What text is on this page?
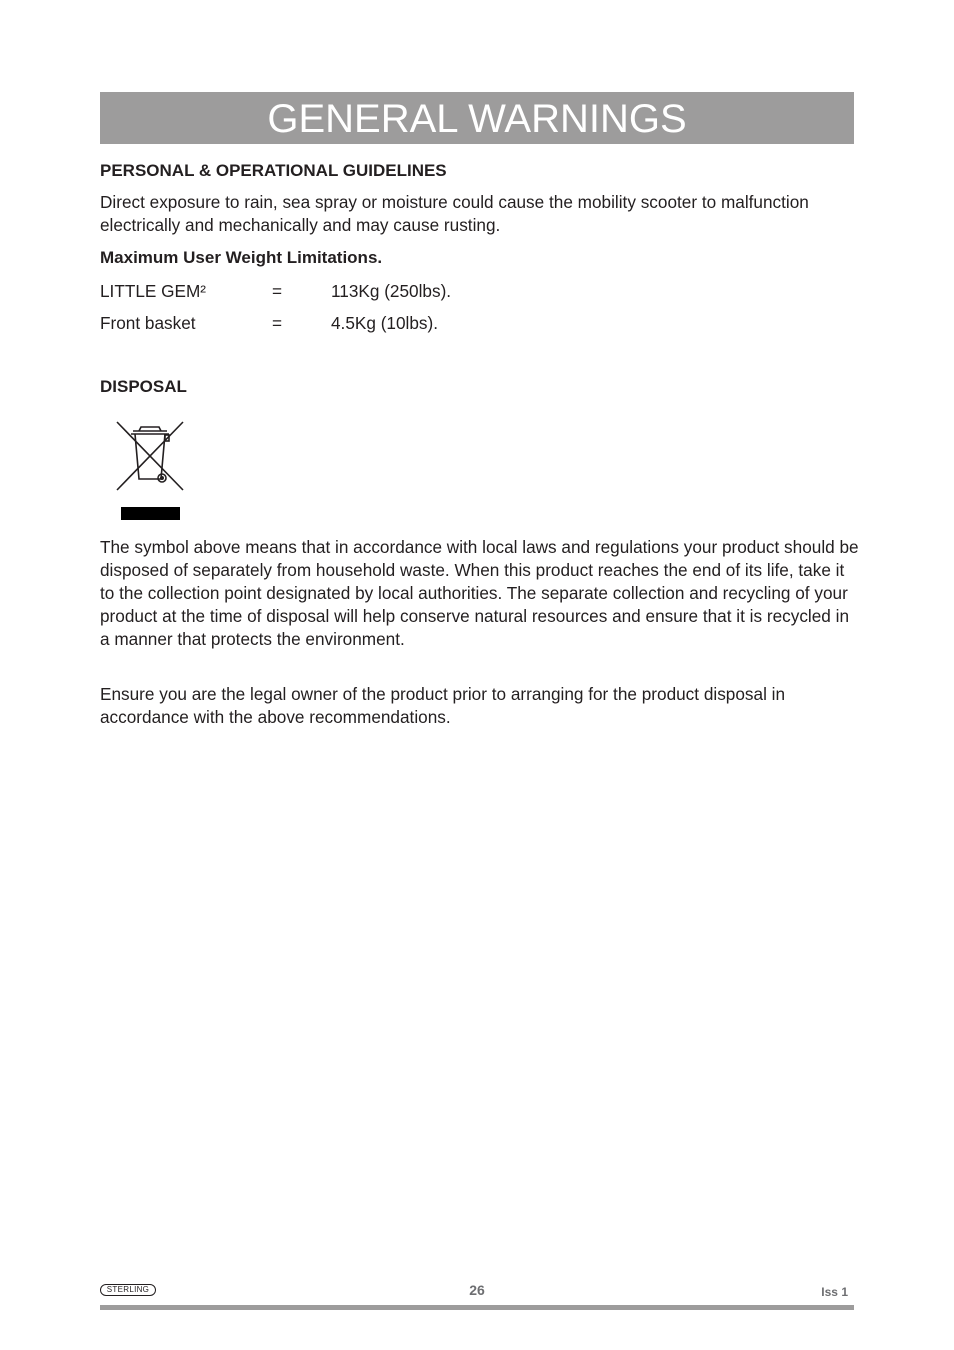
GENERAL WARNINGS
PERSONAL & OPERATIONAL GUIDELINES
Direct exposure to rain, sea spray or moisture could cause the mobility scooter to malfunction electrically and mechanically and may cause rusting.
Maximum User Weight Limitations.
LITTLE GEM²	=	113Kg (250lbs).
Front basket	=	4.5Kg (10lbs).
DISPOSAL
The symbol above means that in accordance with local laws and regulations your product should be disposed of separately from household waste. When this product reaches the end of its life, take it to the collection point designated by local authorities. The separate collection and recycling of your product at the time of disposal will help conserve natural resources and ensure that it is recycled in a manner that protects the environment.
Ensure you are the legal owner of the product prior to arranging for the product disposal in accordance with the above recommendations.
STERLING	26	Iss 1
